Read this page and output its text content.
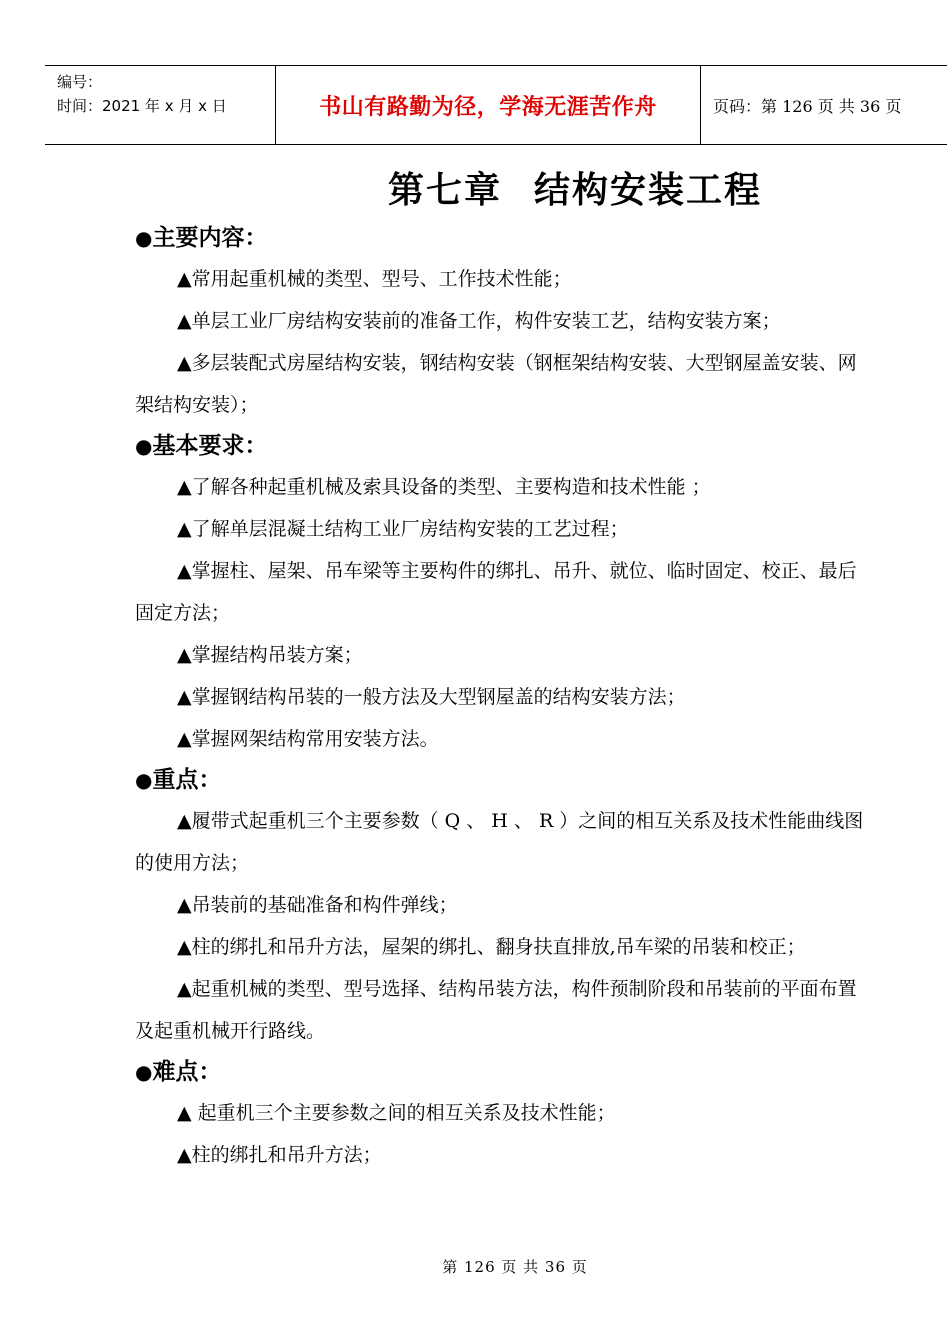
编号：
时间：2021 年 x 月 x 日	书山有路勤为径，学海无涯苦作舟	页码：第 126 页 共 36 页
第七章 结构安装工程

●主要内容：

▲常用起重机械的类型、型号、工作技术性能；

▲单层工业厂房结构安装前的准备工作，构件安装工艺，结构安装方案；

▲多层装配式房屋结构安装，钢结构安装（钢框架结构安装、大型钢屋盖安装、网架结构安装）；

●基本要求：

▲了解各种起重机械及索具设备的类型、主要构造和技术性能 ；

▲了解单层混凝土结构工业厂房结构安装的工艺过程；

▲掌握柱、屋架、吊车梁等主要构件的绑扎、吊升、就位、临时固定、校正、最后固定方法；

▲掌握结构吊装方案；

▲掌握钢结构吊装的一般方法及大型钢屋盖的结构安装方法；

▲掌握网架结构常用安装方法。

●重点：

▲履带式起重机三个主要参数（ Q 、 H 、 R ）之间的相互关系及技术性能曲线图的使用方法；

▲吊装前的基础准备和构件弹线；

▲柱的绑扎和吊升方法，屋架的绑扎、翻身扶直排放,吊车梁的吊装和校正；

▲起重机械的类型、型号选择、结构吊装方法，构件预制阶段和吊装前的平面布置及起重机械开行路线。

●难点：

▲ 起重机三个主要参数之间的相互关系及技术性能；

▲柱的绑扎和吊升方法；

第 126 页 共 36 页
